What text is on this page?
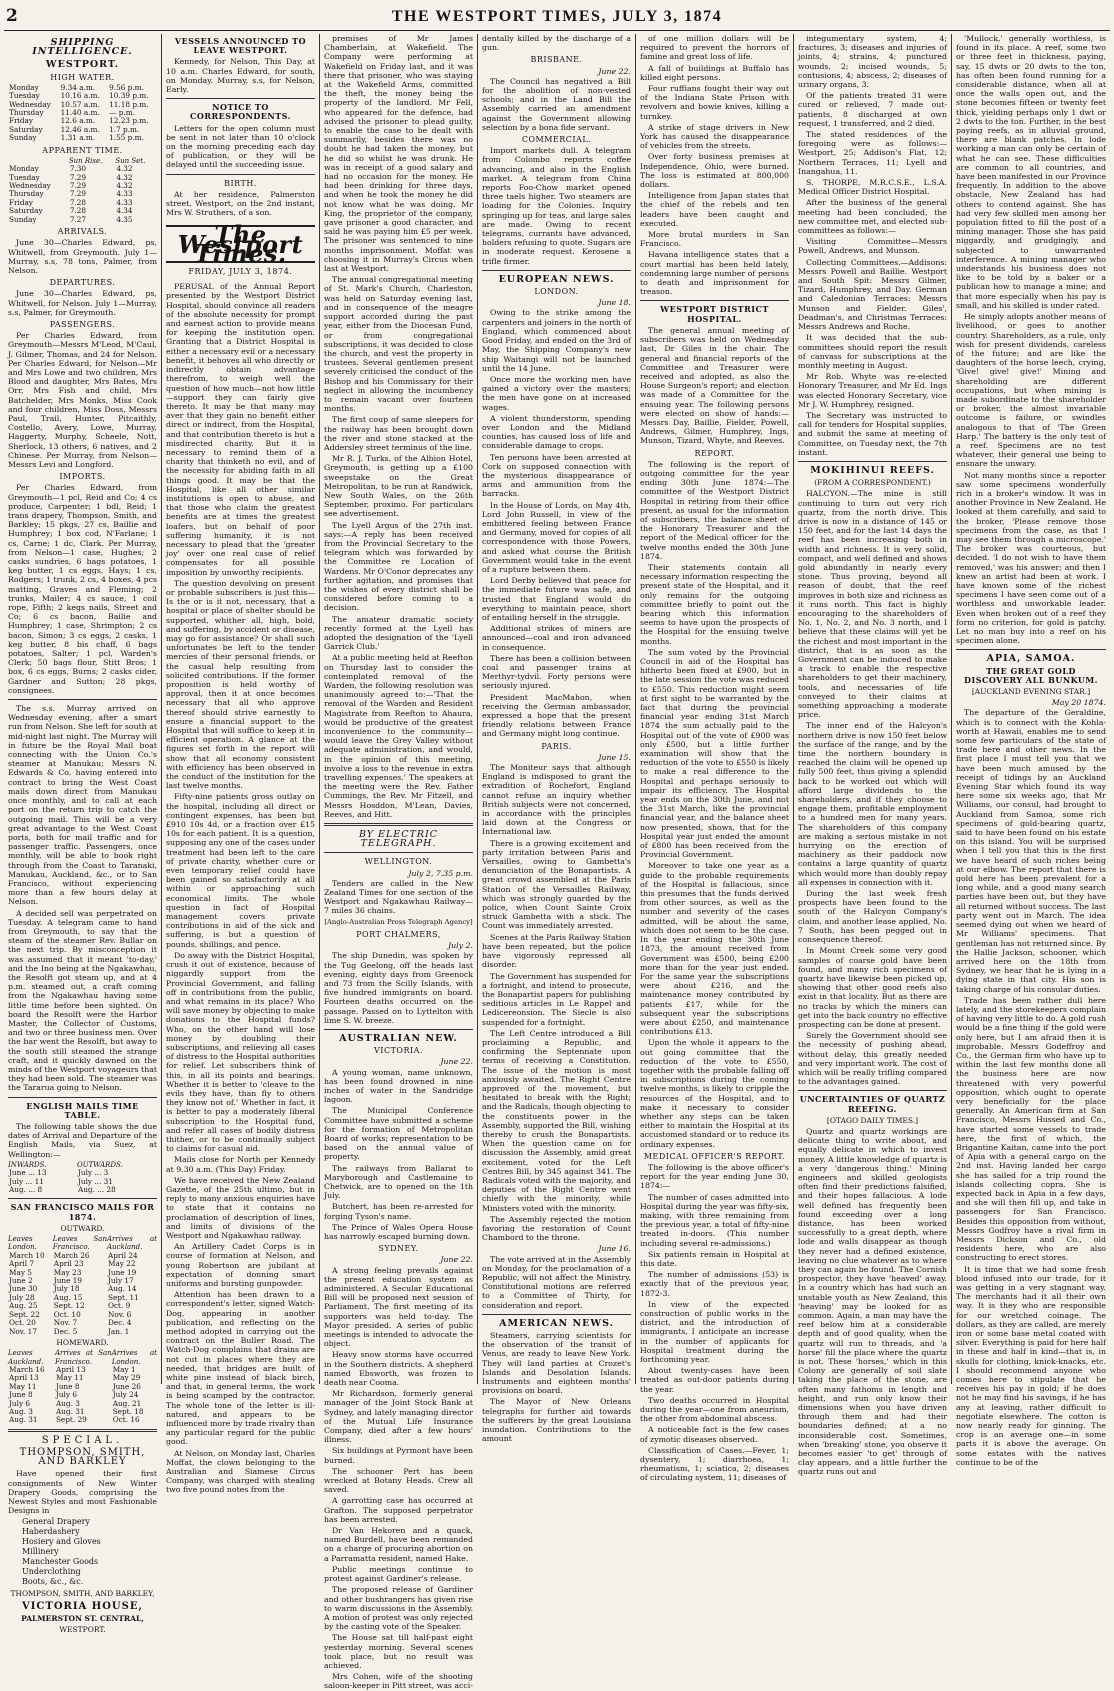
2	THE WESTPORT TIMES, JULY 3, 1874
SHIPPING INTELLIGENCE.
WESTPORT.
HIGH WATER.
Monday	9.34 a.m.	9.56 p.m.
Tuesday	10.16 a.m.	10.39 p.m.
Wednesday	10.57 a.m.	11.18 p.m.
Thursday	11.40 a.m.	— p.m.
Friday	12.6 a.m.	12.23 p.m.
Saturday	12.46 a.m.	1.7 p.m.
Sunday	1.31 a.m.	1.55 p.m.
APPARENT TIME.
	Sun Rise.	Sun Set.
Monday	7.30	4.32
Tuesday	7.29	4.32
Wednesday	7.29	4.32
Thursday	7.29	4.33
Friday	7.28	4.33
Saturday	7.28	4.34
Sunday	7.27	4.35
ARRIVALS.

June 30—Charles Edward, ps, Whitwell, from Greymouth. July 1—Murray, s.s, 78 tons, Palmer, from Nelson.

DEPARTURES.

June 30—Charles Edward, ps, Whitwell, for Nelson. July 1—Murray, s.s, Palmer, for Greymouth.

PASSENGERS.

Per Charles Edward, from Greymouth—Messrs M'Leod, M'Caul, J. Gilmer, Thomas, and 24 for Nelson. Per Charles Edward, for Nelson—Mr and Mrs Lowe and two children, Mrs Blood and daughter, Mrs Bates, Mrs Orr, Mrs Fish and child, Mrs Batchelder, Mrs Monks, Miss Cook and four children, Miss Doss, Messrs Paul, Trail, Hunter, Pitcaithly, Costello, Avery, Lowe, Murray, Haggerty, Murphy, Scheele, Nott, Sherlock, 13 others, 6 natives, and 2 Chinese. Per Murray, from Nelson—Messrs Levi and Longford.

IMPORTS.

Per Charles Edward, from Greymouth—1 pcl, Reid and Co; 4 cs produce, Carpenter; 1 bdl, Reid; 1 trans drapery, Thompson, Smith, and Barkley; 15 pkgs, 27 cs, Baillie and Humphrey; 1 box cod, N'Farlane; 1 cs, Carne; 1 dc, Clark. Per Murray, from Nelson—1 case, Hughes; 2 casks sundries, 6 bags potatoes, 1 keg butter, 1 cs eggs, Hays; 1 cs, Rodgers; 1 trunk, 2 cs, 4 boxes, 4 pcs matting, Graves and Fleming; 2 trunks, Mailer; 4 cs sauce, 1 coil rope, Fifth; 2 kegs nails, Street and Co; 6 cs bacon, Bailie and Humphrey; 1 case, Shrimpton; 2 cs bacon, Simon; 3 cs eggs, 2 casks, 1 keg butter, 8 bis chaff, 6 bags potatoes, Salter; 1 pcl, Warden's Clerk; 50 bags flour, Stitt Bros; 1 box, 6 cs eggs, Burns; 2 casks cider, Gardner and Sutton; 28 pkgs, consignees.

The s.s. Murray arrived on Wednesday evening, after a smart run from Nelson. She left for south at mid-night last night. The Murray will in future be the Royal Mail boat connecting with the Union Co.'s steamer at Manukau; Messrs N. Edwards & Co. having entered into contract to bring the West Coast mails down direct from Manukau once monthly, and to call at each port on the return trip to catch the outgoing mail. This will be a very great advantage to the West Coast ports, both for mail traffic and for passenger traffic. Passengers, once monthly, will be able to book right through from the Coast to Taranaki, Manukau, Auckland, &c., or to San Francisco, without experiencing more than a few hours delay at Nelson.

A decided sell was perpetrated on Tuesday. A telegram came to hand from Greymouth, to say that the steam of the steamer Rev. Bullar on the next trip. By misconception it was assumed that it meant 'to-day,' and the Ino being at the Ngakawhau, the Resolft got steam up, and at 4 p.m. steamed out, a craft coming from the Ngakawhau having some little time before been sighted. On board the Resolft were the Harbor Master, the Collector of Customs, and two or three business men. Over the bar went the Resolft, but away to the south still steamed the strange craft, and it quickly dawned on the minds of the Westport voyageurs that they had been sold. The steamer was the Tararua going to Nelson.

ENGLISH MAILS TIME TABLE.

The following table shows the due dates of Arrival and Departure of the English Mails, via Suez, at Wellington:—

INWARDS.	OUTWARDS.
June ... 13	July ... 3
July ... 11	July ... 31
Aug. ... 8	Aug. ... 28
SAN FRANCISCO MAILS FOR 1874.
OUTWARD.
Leaves London.	Leaves San Francisco.	Arrives at Auckland.
March 10	March 26	April 24
April 7	April 23	May 22
May 5	May 23	June 19
June 2	June 19	July 17
June 30	July 18	Aug. 14
July 28	Aug. 15	Sept. 11
Aug. 25	Sept. 12	Oct. 9
Sept. 22	Oct. 10	Nov. 6
Oct. 20	Nov. 7	Dec. 4
Nov. 17	Dec. 5	Jan. 1
HOMEWARD.
Leaves Auckland.	Arrives at San Francisco.	Arrives at London.
March 16	April 13	May 1
April 13	May 11	May 29
May 11	June 8	June 26
June 8	July 6	July 24
July 6	Aug. 3	Aug. 21
Aug. 3	Aug. 31	Sept. 18
Aug. 31	Sept. 29	Oct. 16
SPECIAL.
THOMPSON, SMITH, AND BARKLEY

Have opened their first consignments of New Winter Drapery Goods, comprising the Newest Styles and most Fashionable Designs in

General Drapery
Haberdashery
Hosiery and Gloves
Millinery
Manchester Goods
Underclothing
Boots, &c., &c.
THOMPSON, SMITH, AND BARKLEY,
VICTORIA HOUSE,
PALMERSTON ST. CENTRAL,
WESTPORT.
VESSELS ANNOUNCED TO LEAVE WESTPORT.

Kennedy, for Nelson, This Day, at 10 a.m. Charles Edward, for south, on Monday. Murray, s.s, for Nelson, Early.

NOTICE TO CORRESPONDENTS.

Letters for the open column must be sent in not later than 10 o'clock on the morning preceding each day of publication, or they will be delayed until the succeeding issue.

BIRTH.

At her residence, Palmerston street, Westport, on the 2nd instant, Mrs W. Struthers, of a son.

The Westport Times.
FRIDAY, JULY 3, 1874.

PERUSAL of the Annual Report presented by the Westport District Hospital, should convince all readers of the absolute necessity for prompt and earnest action to provide means for keeping the institution open. Granting that a District Hospital is either a necessary evil or a necessary benefit, it behoves all who directly or indirectly obtain advantage therefrom, to weigh well the question of how much—not how little—support they can fairly give thereto. It may be that many may aver that they gain no benefit either direct or indirect, from the Hospital, and that contribution thereto is but a misdirected charity. But it is necessary to remind them of a charity that thinketh no evil, and of the necessity for abiding faith in all things good. It may be that the Hospital, like all other similar institutions is open to abuse, and that those who claim the greatest benefits are at times the greatest loafers, but on behalf of poor suffering humanity, it is not necessary to plead that the 'greater joy' over one real case of relief compensates for all possible imposition by unworthy recipients.

The question devolving on present or probable subscribers is just this—Is the or is it not, necessary, that a hospital or place of shelter should be supported, whither all, high, bold, and suffering, by accident or disease, may go for assistance? Or shall such unfortunates be left to the tender mercies of their personal friends, or the casual help resulting from solicited contributions. If the former proposition is held worthy of approval, then it at once becomes necessary that all who approve thereof should strive earnestly to ensure a financial support to the Hospital that will suffice to keep it in efficient operation. A glance at the figures set forth in the report will show that all economy consistent with efficiency has been observed in the conduct of the institution for the last twelve months.

Fifty-nine patients gross outlay on the hospital, including all direct or contingent expenses, has been but £910 10s 4d, or a fraction over £15 10s for each patient. It is a question, supposing any one of the cases under treatment had been left to the care of private charity, whether cure or even temporary relief could have been gained so satisfactorily at all within or approaching such economical limits. The whole question in fact of Hospital management covers private contributions in aid of the sick and suffering, is but a question of pounds, shillings, and pence.

Do away with the District Hospital, crush it out of existence, because of niggardly support from the Provincial Government, and falling off in contributions from the public, and what remains in its place? Who will save money by objecting to make donations to the Hospital funds? Who, on the other hand will lose money by doubling their subscriptions, and relieving all cases of distress to the Hospital authorities for relief. Let subscribers think of this, in all its points and bearings. Whether it is better to 'cleave to the evils they have, than fly to others they know not of.' Whether in fact, it is better to pay a moderately liberal subscription to the Hospital fund, and refer all cases of bodily distress thither, or to be continually subject to claims for casual aid.

Mails close for North per Kennedy at 9.30 a.m. (This Day) Friday.

We have received the New Zealand Gazette, of the 25th ultimo, but in reply to many anxious enquiries have to state that it contains no proclamation of description of lines, and limits of divisions of the Westport and Ngakawhau railway.

An Artillery Cadet Corps is in course of formation at Nelson, and young Robertson are jubilant at expectation of donning smart uniforms and bursting gunpowder.

Attention has been drawn to a correspondent's letter, signed Watch-Dog, appearing in another publication, and reflecting on the method adopted in carrying out the contract on the Buller Road. The Watch-Dog complains that drains are not cut in places where they are needed, that bridges are built of white pine instead of black birch, and that, in general terms, the work is being scamped by the contractor. The whole tone of the letter is ill-natured, and appears to be influenced more by trade rivalry than any particular regard for the public good.

At Nelson, on Monday last, Charles Moffat, the clown belonging to the Australian and Siamese Circus Company, was charged with stealing two five pound notes from the

premises of Mr James Chamberlain, at Wakefield. The Company were performing at Wakefield on Friday last, and it was there that prisoner, who was staying at the Wakefield Arms, committed the theft, the money being the property of the landlord. Mr Fell, who appeared for the defence, had advised the prisoner to plead guilty, to enable the case to be dealt with summarily, besides there was no doubt he had taken the money, but he did so whilst he was drunk. He was in receipt of a good salary and had no occasion for the money. He had been drinking for three days, and when he took the money he did not know what he was doing. Mr King, the proprietor of the company, gave prisoner a good character, and said he was paying him £5 per week. The prisoner was sentenced to nine months imprisonment. Moffat was choosing it in Murray's Circus when last at Westport.

The annual congregational meeting of St. Mark's Church, Charleston, was held on Saturday evening last, and in consequence of the meagre support accorded during the past year, either from the Diocesan Fund, or from congregational subscriptions, it was decided to close the church, and vest the property in trustees. Several gentlemen present severely criticised the conduct of the Bishop and his Commissary for their neglect in allowing the incumbency to remain vacant over fourteen months.

The first coup of same sleepers for the railway has been brought down the river and stone stacked at the Addersley street terminus of the line.

Mr R. J. Turks, of the Albion Hotel, Greymouth, is getting up a £100 sweepstake on the Great Metropolitan, to be run at Randwick, New South Wales, on the 26th September, proximo. For particulars see advertisement.

The Lyell Argus of the 27th inst. says:—A reply has been received from the Provincial Secretary to the telegram which was forwarded by the Committee re Location of Wardens. Mr O'Conor deprecates any further agitation, and promises that the wishes of every district shall be considered before coming to a decision.

The amateur dramatic society recently formed at the Lyell has adopted the designation of the 'Lyell Garrick Club.'

At a public meeting held at Reefton on Thursday last to consider the contemplated removal of the Warden, the following resolution was unanimously agreed to:—'That the removal of the Warden and Resident Magistrate from Reefton to Ahaura, would be productive of the greatest inconvenience to the community—would leave the Grey Valley without adequate administration, and would, in the opinion of this meeting, involve a loss to the revenue in extra travelling expenses.' The speakers at the meeting were the Rev. Father Cummings, the Rev. Mr Fitzell, and Messrs Hosddon, M'Lean, Davies, Reeves, and Hitt.

BY ELECTRIC TELEGRAPH.
WELLINGTON.
July 2, 7.35 p.m.

Tenders are called in the New Zealand Times for one section of the Westport and Ngakawhau Railway—7 miles 36 chains.

[Anglo-Australian Press Telegraph Agency]
PORT CHALMERS,
July 2.

The ship Dunedin, was spoken by the Tug Geelong, off the heads last evening, eighty days from Greenock and 73 from the Scilly Islands, with five hundred immigrants on board. Fourteen deaths occurred on the passage. Passed on to Lyttelton with lime S. W. breeze.

AUSTRALIAN NEW.
VICTORIA.
June 22.

A young woman, name unknown, has been found drowned in nine inches of water in the Sandridge lagoon.

The Municipal Conference Committee have submitted a scheme for the formation of Metropolitan Board of works; representation to be based on the annual value of property.

The railways from Ballarat to Maryborough and Castlemaine to Chetwick, are to opened on the 1th July.

Butchert, has been re-arrested for forging Tyson's name.

The Prince of Wales Opera House has narrowly escaped burning down.

SYDNEY.
June 22.

A strong feeling prevails against the present education system as administered. A Secular Educational Bill will be proposed next session of Parliament. The first meeting of its supporters was held to-day. The Mayor presided. A series of public meetings is intended to advocate the object.

Heavy snow storms have occurred in the Southern districts. A shepherd named Ebsworth, was frozen to death near Cooma.

Mr Richardson, formerly general manager of the Joint Stock Bank at Sydney, and lately managing director of the Mutual Life Insurance Company, died after a few hours' illness.

Six buildings at Pyrmont have been burned.

The schooner Pert has been wrecked at Botany Heads. Crew all saved.

A garrotting case has occurred at Grafton. The supposed perpetrator has been arrested.

Dr Van Hekoren and a quack, named Burdell, have been remanded on a charge of procuring abortion on a Parramatta resident, named Hake.

Public meetings continue to protest against Gardiner's release.

The proposed release of Gardiner and other bushrangers has given rise to warm discussions in the Assembly. A motion of protest was only rejected by the casting vote of the Speaker.

The House sat till half-past eight yesterday morning. Several scenes took place, but no result was achieved.

Mrs Cohen, wife of the shooting saloon-keeper in Pitt street, was acci-

dentally killed by the discharge of a gun.

BRISBANE.
June 22.

The Council has negatived a Bill for the abolition of non-vested schools; and in the Land Bill the Assembly carried an amendment against the Government allowing selection by a bona fide servant.

COMMERCIAL.

Import markets dull. A telegram from Colombo reports coffee advancing, and also in the English market. A telegram from China reports Foo-Chow market opened three taels higher. Two steamers are loading for the Colonies. Inquiry springing up for teas, and large sales are made. Owing to recent telegrams, currants have advanced, holders refusing to quote. Sugars are in moderate request. Kerosene a trifle firmer.

EUROPEAN NEWS.
LONDON.
June 18.

Owing to the strike among the carpenters and joiners in the north of England, which commenced about Good Friday, and ended on the 3rd of May, the Shipping Company's new ship Waitangi will not be launched until the 14 June.

Once more the working men have gained a victory over the masters; the men have gone on at increased wages.

A violent thunderstorm, spending over London and the Midland counties, has caused loss of life and considerable damage to crops.

Ten persons have been arrested at Cork on supposed connection with the mysterious disappearance of arms and ammunition from the barracks.

In the House of Lords, on May 4th, Lord John Russell, in view of the embittered feeling between France and Germany, moved for copies of all correspondence with those Powers, and asked what course the British Government would take in the event of a rupture between them.

Lord Derby believed that peace for the immediate future was safe, and trusted that England would do everything to maintain peace, short of entailing herself in the struggle.

Additional strikes of miners are announced—coal and iron advanced in consequence.

There has been a collision between coal and passenger trains at Merthyr-tydvil. Forty persons were seriously injured.

President MacMahon, when receiving the German ambassador, expressed a hope that the present friendly relations between France and Germany might long continue.

PARIS.
June 15.

The Moniteur says that although England is indisposed to grant the extradition of Rochefort, England cannot refuse an inquiry whether British subjects were not concerned, in accordance with the principles laid down at the Congress or International law.

There is a growing excitement and party irritation between Paris and Versailles, owing to Gambetta's denunciation of the Bonapartists. A great crowd assembled at the Paris Station of the Versailles Railway, which was strongly guarded by the police, when Count Sainte Croix struck Gambetta with a stick. The Count was immediately arrested.

Scenes at the Paris Railway Station have been repeated, but the police have vigorously repressed all disorder.

The Government has suspended for a fortnight, and intend to prosecute, the Bonapartist papers for publishing seditious articles in Le Rappel and Ledicereonsion. The Siecle is also suspended for a fortnight.

The Left Centre introduced a Bill proclaiming a Republic, and confirming the Septennate upon terms of receiving a Constitution. The issue of the motion is most anxiously awaited. The Right Centre approved of the movement, but hesitated to break with the Right; and the Radicals, though objecting to the constituents power in the Assembly, supported the Bill, wishing thereby to crush the Bonapartists. When the question came on for discussion the Assembly, amid great excitement, voted for the Left Centres Bill, by 345 against 341. The Radicals voted with the majority, and deputies of the Right Centre went chiefly with the minority, while Ministers voted with the minority.

The Assembly rejected the motion favoring the restoration of Count Chambord to the throne.

June 16.

The vote arrived at in the Assembly on Monday, for the proclamation of a Republic, will not affect the Ministry. Constitutional motions are referred to a Committee of Thirty, for consideration and report.

AMERICAN NEWS.

Steamers, carrying scientists for the observation of the transit of Venus, are ready to leave New York. They will land parties at Crozet's Islands and Desolation Islands. Instruments and eighteen months' provisions on board.

The Mayor of New Orleans telegraphs for further aid towards the sufferers by the great Louisiana inundation. Contributions to the amount

of one million dollars will be required to prevent the horrors of famine and great loss of life.

A fall of buildings at Buffalo has killed eight persons.

Four ruffians fought their way out of the Indiana State Prison with revolvers and bowie knives, killing a turnkey.

A strike of stage drivers in New York has caused the disappearance of vehicles from the streets.

Over forty business premises at Independence, Ohio, were burned. The loss is estimated at 800,000 dollars.

Intelligence from Japan states that the chief of the rebels and ten leaders have been caught and executed.

More brutal murders in San Francisco.

Havana intelligence states that a court martial has been held lately, condemning large number of persons to death and imprisonment for treason.

WESTPORT DISTRICT HOSPITAL.

The general annual meeting of subscribers was held on Wednesday last, Dr Giles in the chair. The general and financial reports of the Committee and Treasurer were received and adopted, as also the House Surgeon's report; and election was made of a Committee for the ensuing year. The following persons were elected on show of hands:—Messrs Day, Baillie, Fielder, Powell, Andrews, Gilmer, Humphrey, Ings, Munson, Tizard, Whyte, and Reeves.

REPORT.

The following is the report of outgoing committee for the year ending 30th June 1874:—The committee of the Westport District Hospital in retiring from their office present, as usual for the information of subscribers, the balance sheet of the Honorary Treasurer and the report of the Medical officer for the twelve months ended the 30th June 1874.

Their statements contain all necessary information respecting the present state of the Hospital, and it only remains for the outgoing committee briefly to point out the bearing which this information seems to have upon the prospects of the Hospital for the ensuing twelve months.

The sum voted by the Provincial Council in aid of the Hospital has hitherto been fixed at £900, but in the late session the vote was reduced to £550. This reduction might seem at first sight to be warranted by the fact that during the provincial financial year ending 31st March 1874 the sum actually paid to the Hospital out of the vote of £900 was only £500, but a little further examination will show that the reduction of the vote to £550 is likely to make a real difference to the Hospital and perhaps seriously to impair its efficiency. The Hospital year ends on the 30th June, and not the 31st March, like the provincial financial year, and the balance sheet now presented, shows, that for the Hospital year just ended the amount of £800 has been received from the Provincial Government.

Moreover to take one year as a guide to the probable requirements of the Hospital is fallacious, since this presumes that the funds derived from other sources, as well as the number and severity of the cases admitted, will be about the same, which does not seem to be the case. In the year ending the 30th June 1873, the amount received from Government was £500, being £200 more than for the year just ended. For the same year the subscriptions were about £216, and the maintenance money contributed by patients £17, while for the subsequent year the subscriptions were about £250, and maintenance contributions £13.

Upon the whole it appears to the out going committee that the reduction of the vote to £550, together with the probable falling off in subscriptions during the coming twelve months, is likely to cripple the resources of the Hospital, and to make it necessary to consider whether any steps can be taken either to maintain the Hospital at its accustomed standard or to reduce its ordinary expenses.

MEDICAL OFFICER'S REPORT.

The following is the above officer's report for the year ending June 30, 1874:—

The number of cases admitted into Hospital during the year was fifty-six, making, with three remaining from the previous year, a total of fifty-nine treated in-doors. (This number including several re-admissions.)

Six patients remain in Hospital at this date.

The number of admissions (53) is exactly that of the previous year, 1872-3.

In view of the expected construction of public works in the district, and the introduction of immigrants, I anticipate an increase in the number of applicants for Hospital treatment during the forthcoming year.

About twenty-cases have been treated as out-door patients during the year.

Two deaths occurred in Hospital during the year—one from aneurism, the other from abdominal abscess.

A noticeable fact is the few cases of zymotic diseases observed.

Classification of Cases.—Fever, 1; dysentery, 1; diarrhoea, 1; rheumatism, 1; sciatica, 2; diseases of circulating system, 11; diseases of

integumentary system, 4; fractures, 3; diseases and injuries of joints, 4; strains, 4; punctured wounds, 2; incised wounds, 5; contusions, 4; abscess, 2; diseases of urinary organs, 3.

Of the patients treated 31 were cured or relieved, 7 made out-patients, 8 discharged at own request, 1 transferred, and 2 died.

The stated residences of the foregoing were as follows:—Westport, 25; Addison's Flat, 12; Northern Terraces, 11; Lyell and Inangahua, 11.

S. THORPE, M.R.C.S.E., L.S.A. Medical Officer District Hospital.

After the business of the general meeting had been concluded, the new committee met, and elected sub-committees as follows:—

Visiting Committee—Messrs Powell, Andrews, and Munson.

Collecting Committees.—Addisons: Messrs Powell and Baillie. Westport and South Spit: Messrs Gilmer, Tizard, Humphrey, and Day. German and Caledonian Terraces: Messrs Munson and Fielder. Giles', Deadman's, and Christmas Terraces: Messrs Andrews and Roche.

It was decided that the sub-committees should report the result of canvass for subscriptions at the monthly meeting in August.

Mr Rob. Whyte was re-elected Honorary Treasurer, and Mr Ed. Ings was elected Honorary Secretary, vice Mr J. W. Humphrey, resigned.

The Secretary was instructed to call for tenders for Hospital supplies, and submit the same at meeting of Committee, on Tuesday next, the 7th instant.

MOKIHINUI REEFS.
(FROM A CORRESPONDENT.)

HALCYON.—The mine is still continuing to turn out very rich quartz, from the north drive. This drive is now in a distance of 145 or 150 feet, and for the last 14 days the reef has been increasing both in width and richness. It is very solid, compact, and well defined and shows gold abundantly in nearly every stone. Thus proving, beyond all reason of doubt, that the reef improves in both size and richness as it runs north. This fact is highly encouraging to the shareholders of No. 1, No. 2, and No. 3 north, and I believe that these claims will yet be the richest and most important in the district, that is as soon as the Government can be induced to make a track to enable the respective shareholders to get their machinery, tools, and necessaries of life conveyed to their claims at something approaching a moderate price.

The inner end of the Halcyon's northern drive is now 150 feet below the surface of the range, and by the time the northern boundary is reached the claim will be opened up fully 500 feet, thus giving a splendid back to be worked out which will afford large dividends to the shareholders, and if they choose to engage them, profitable employment to a hundred men for many years. The shareholders of this company are making a serious mistake in not hurrying on the erection of machinery as their paddock now contains a large quantity of quartz which would more than doubly repay all expenses in connection with it.

During the last week fresh prospects have been found to the south of the Halcyon Company's claim, and another lease applied, No. 7 South, has been pegged out in consequence thereof.

In Mount Creek some very good samples of coarse gold have been found, and many rich specimens of quartz have likewise been picked up, showing that other good reefs also exist in that locality. But as there are no tracks by which the miners can get into the back country no effective prospecting can be done at present.

Surely the Government should see the necessity of pushing ahead, without delay, this greatly needed and very important work. The cost of which will be really trifling compared to the advantages gained.

UNCERTAINTIES OF QUARTZ REEFING.
[OTAGO DAILY TIMES.]

Quartz and quartz workings are delicate thing to write about, and equally delicate in which to invest money. A little knowledge of quartz is a very 'dangerous thing.' Mining engineers and skilled geologists often find their predictions falsified, and their hopes fallacious. A lode well defined has frequently been found exceeding over a long distance, has been worked successfully to a great depth, where lode and walls disappear as though they never had a defined existence, leaving no clue whatever as to where they can again be found. The Cornish prospector, they have 'heaved' away. In a country which has had such an unstable youth as New Zealand, this 'heaving' may be looked for as common. Again, a man may have the reef below him at a considerable depth and of good quality, when the quartz will run to threads, and 'a horse' fill the place where the quartz is not. These 'horses,' which in this Colony are generally of soil slate taking the place of the stone, are often many fathoms in length and height, and run only know their dimensions when you have driven through them and had their boundaries defined; at a no inconsiderable cost. Sometimes, when 'breaking' stone, you observe it becomes easier 'to get' through of clay appears, and a little further the quartz runs out and

'Mullock,' generally worthless, is found in its place. A reef, some two or three feet in thickness, paying, say, 15 dwts or 20 dwts to the ton, has often been found running for a considerable distance, when all at once the walls open out, and the stone becomes fifteen or twenty feet thick, yielding perhaps only 1 dwt or 2 dwts to the ton. Further, in the best paying reefs, as in alluvial ground, there are blank patches. In lode working a man can only be certain of what he can see. These difficulties are common to all countries, and have been manifested in our Province frequently. In addition to the above obstacle, New Zealand has had others to contend against. She has had very few skilled men among her population fitted to fill the post of a mining manager. Those she has paid niggardly, and grudgingly, and subjected to unwarranted interference. A mining manager who understands his business does not like to be told by a baker or a publican how to manage a mine; and that more especially when his pay is small, and his skilled is under rated.

He simply adopts another means of livelihood, or goes to another country. Shareholders, as a rule, only wish for present dividends, careless of the future; and are like the daughters of the horse leech, crying, 'Give! give! give!' Mining and shareholding are different occupations, but when mining is made subordinate to the shareholder or broker, the almost invariable outcome is failure, or swindles analogous to that of 'The Green Harp.' The battery is the only test of a reef. Specimens are no test whatever, their general use being to ensnare the unwary.

Not many months since a reporter saw some specimens wonderfully rich in a broker's window. It was in another Province in New Zealand. He looked at them carefully, and said to the broker, 'Please remove those specimens from the case, as that I may see them through a microscope.' The broker was courteous, but decided. 'I do not wish to have them removed,' was his answer; and then I knew an artist had been at work. I have known some of the richest specimens I have seen come out of a worthless and unworkable leader. Even when broken out of a reef they form no criterion, for gold is patchy. Let no man buy into a reef on his specimen alone.

APIA, SAMOA.
THE GREAT GOLD DISCOVERY ALL BUNKUM.
[AUCKLAND EVENING STAR.]
May 20 1874.

The departure of the Geraldine, which is to connect with the Kohla-worth at Hawaii, enables me to send some few particulars of the state of trade here and other news. In the first place I must tell you that we have been much amused by the receipt of tidings by an Auckland Evening Star which found its way here some six weeks ago, that Mr Williams, our consul, had brought to Auckland from Samoa, some rich specimens of gold-bearing quartz, said to have been found on his estate on this island. You will be surprised when I tell you that this is the first we have heard of such riches being at our elbow. The report that there is gold here has been prevalent for a long while, and a good many search parties have been out, but they have all returned without success. The last party went out in March. The idea seemed dying out when we heard of Mr Williams' specimens. That gentleman has not returned since. By the Hallie Jackson, schooner, which arrived here on the 18th from Sydney, we hear that he is lying in a dying state in that city. His son is taking charge of his consular duties.

Trade has been rather dull here lately, and the storekeepers complain of having very little to do. A gold rush would be a fine thing if the gold were only here, but I am afraid then it is improbable. Messrs Godeffroy and Co., the German firm who have up to within the last few months done all the business here are now threatened with very powerful opposition, which ought to operate very beneficially for the place generally. An American firm at San Francisco, Messrs Hussed and Co., have started some vessels to trade here, the first of which, the Brigantine Kaitan, came into the port of Apia with a general cargo on the 2nd inst. Having landed her cargo she has sailed for a trip round the islands collecting copra. She is expected back in Apia in a few days, and she will then fill up, and take in passengers for San Francisco. Besides this opposition from without, Messrs Godfroy have a rival firm in Messrs Dickson and Co., old residents here, who are also constructing to erect stores.

It is time that we had some fresh blood infused into our trade, for it was getting in a very stagnant way. The merchants had it all their own way. It is they who are responsible for our wretched coinage. The dollars, as they are called, are merely iron or some base metal coated with silver. Everything is paid for here half in these and half in kind—that is, in skulls for clothing, knick-knacks, etc. I should recommend anyone who comes here to stipulate that he receives his pay in gold; if he does not he may find his savings, if he has any at leaving, rather difficult to negotiate elsewhere. The cotton is now nearly ready for ginning. The crop is an average one—in some parts it is above the average. On some estates with the natives continue to be of the
